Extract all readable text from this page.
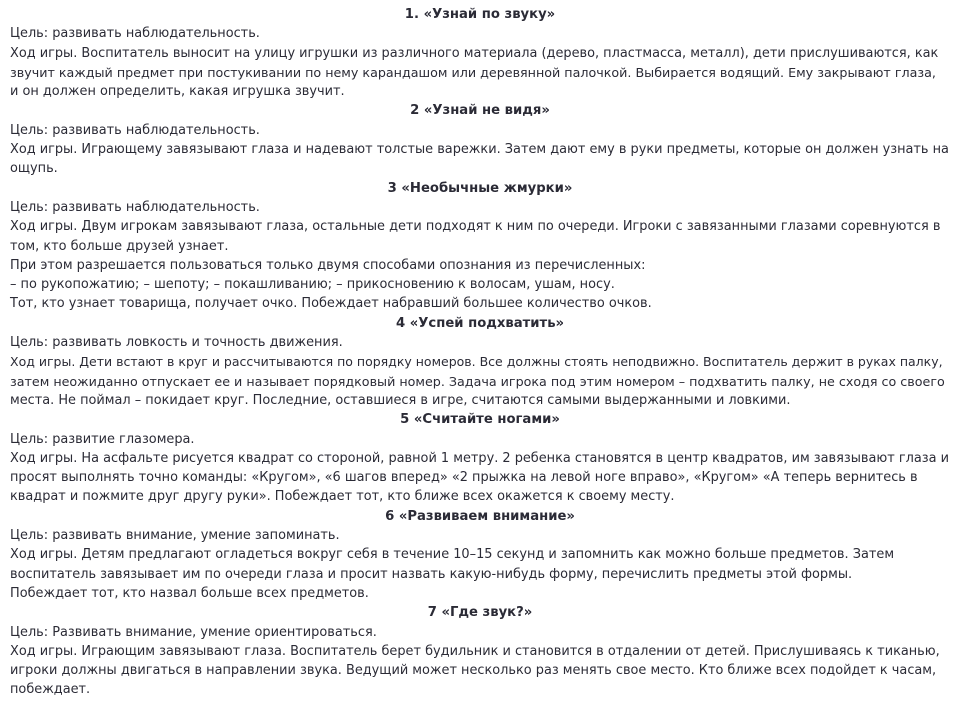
1. «Узнай по звуку»
Цель: развивать наблюдательность.
Ход игры. Воспитатель выносит на улицу игрушки из различного материала (дерево, пластмасса, металл), дети прислушиваются, как
звучит каждый предмет при постукивании по нему карандашом или деревянной палочкой. Выбирается водящий. Ему закрывают глаза,
и он должен определить, какая игрушка звучит.
2 «Узнай не видя»
Цель: развивать наблюдательность.
Ход игры. Играющему завязывают глаза и надевают толстые варежки. Затем дают ему в руки предметы, которые он должен узнать на
ощупь.
3 «Необычные жмурки»
Цель: развивать наблюдательность.
Ход игры. Двум игрокам завязывают глаза, остальные дети подходят к ним по очереди. Игроки с завязанными глазами соревнуются в
том, кто больше друзей узнает.
При этом разрешается пользоваться только двумя способами опознания из перечисленных:
– по рукопожатию; – шепоту; – покашливанию; – прикосновению к волосам, ушам, носу.
Тот, кто узнает товарища, получает очко. Побеждает набравший большее количество очков.
4 «Успей подхватить»
Цель: развивать ловкость и точность движения.
Ход игры. Дети встают в круг и рассчитываются по порядку номеров. Все должны стоять неподвижно. Воспитатель держит в руках палку,
затем неожиданно отпускает ее и называет порядковый номер. Задача игрока под этим номером – подхватить палку, не сходя со своего
места. Не поймал – покидает круг. Последние, оставшиеся в игре, считаются самыми выдержанными и ловкими.
5 «Считайте ногами»
Цель: развитие глазомера.
Ход игры. На асфальте рисуется квадрат со стороной, равной 1 метру. 2 ребенка становятся в центр квадратов, им завязывают глаза и
просят выполнять точно команды: «Кругом», «6 шагов вперед» «2 прыжка на левой ноге вправо», «Кругом» «А теперь вернитесь в
квадрат и пожмите друг другу руки». Побеждает тот, кто ближе всех окажется к своему месту.
6 «Развиваем внимание»
Цель: развивать внимание, умение запоминать.
Ход игры. Детям предлагают огладеться вокруг себя в течение 10–15 секунд и запомнить как можно больше предметов. Затем
воспитатель завязывает им по очереди глаза и просит назвать какую-нибудь форму, перечислить предметы этой формы.
Побеждает тот, кто назвал больше всех предметов.
7 «Где звук?»
Цель: Развивать внимание, умение ориентироваться.
Ход игры. Играющим завязывают глаза. Воспитатель берет будильник и становится в отдалении от детей. Прислушиваясь к тиканью,
игроки должны двигаться в направлении звука. Ведущий может несколько раз менять свое место. Кто ближе всех подойдет к часам,
побеждает.
